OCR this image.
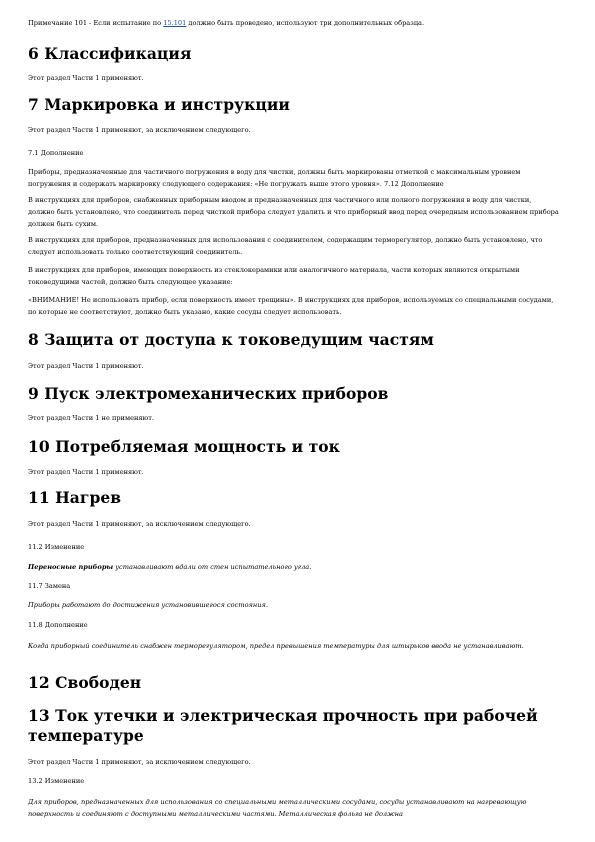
Примечание 101 - Если испытание по 15.101 должно быть проведено, используют три дополнительных образца.

6 Классификация

Этот раздел Части 1 применяют.

7 Маркировка и инструкции

Этот раздел Части 1 применяют, за исключением следующего.

7.1 Дополнение

Приборы, предназначенные для частичного погружения в воду для чистки, должны быть маркированы отметкой с максимальным уровнем погружения и содержать маркировку следующего содержания: «Не погружать выше этого уровня». 7.12 Дополнение

В инструкциях для приборов, снабженных приборным вводом и предназначенных для частичного или полного погружения в воду для чистки, должно быть установлено, что соединитель перед чисткой прибора следует удалить и что приборный ввод перед очередным использованием прибора должен быть сухим.

В инструкциях для приборов, предназначенных для использования с соединителем, содержащим терморегулятор, должно быть установлено, что следует использовать только соответствующий соединитель.

В инструкциях для приборов, имеющих поверхность из стеклокерамики или аналогичного материала, части которых являются открытыми токоведущими частей, должно быть следующее указание:

«ВНИМАНИЕ! Не использовать прибор, если поверхность имеет трещины». В инструкциях для приборов, используемых со специальными сосудами, по которые не соответствуют, должно быть указано, какие сосуды следует использовать.

8 Защита от доступа к токоведущим частям

Этот раздел Части 1 применяют.

9 Пуск электромеханических приборов

Этот раздел Части 1 не применяют.

10 Потребляемая мощность и ток

Этот раздел Части 1 применяют.

11 Нагрев

Этот раздел Части 1 применяют, за исключением следующего.

11.2 Изменение

Переносные приборы устанавливают вдали от стен испытательного угла.

11.7 Замена

Приборы работают до достижения установившегося состояния.

11.8 Дополнение

Когда приборный соединитель снабжен терморегулятором, предел превышения температуры для штырьков ввода не устанавливают.

12 Свободен
13 Ток утечки и электрическая прочность при рабочей
температуре

Этот раздел Части 1 применяют, за исключением следующего.

13.2 Изменение

Для приборов, предназначенных для использования со специальными металлическими сосудами, сосуды устанавливают на нагревающую поверхность и соединяют с доступными металлическими частями. Металлическая фольга не должна
